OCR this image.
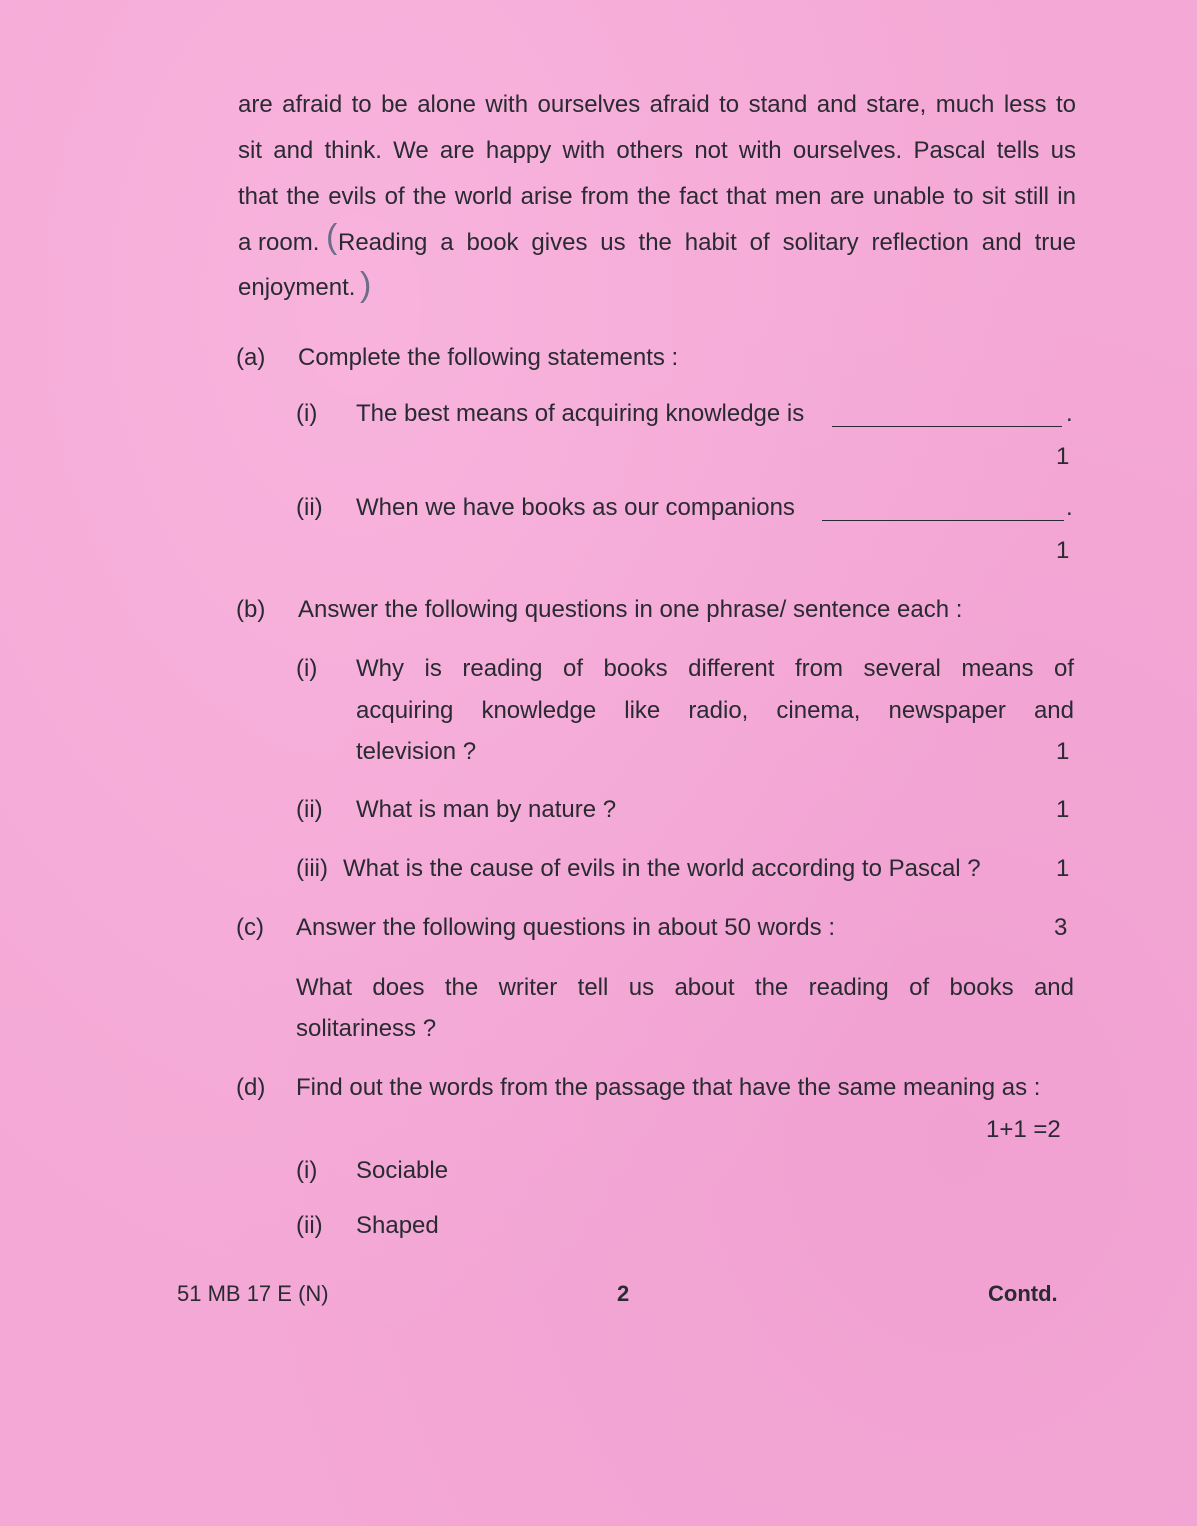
are afraid to be alone with ourselves afraid to stand and stare, much less to
sit and think. We are happy with others not with ourselves. Pascal tells us
that the evils of the world arise from the fact that men are unable to sit still in
a room. ( Reading a book gives us the habit of solitary reflection and true
enjoyment. )
(a) Complete the following statements :
(i) The best means of acquiring knowledge is	.
1
(ii) When we have books as our companions	.
1
(b) Answer the following questions in one phrase/ sentence each :
(i) Why is reading of books different from several means of
acquiring knowledge like radio, cinema, newspaper and
television ?	1
(ii) What is man by nature ?	1
(iii) What is the cause of evils in the world according to Pascal ?	1
(c) Answer the following questions in about 50 words :	3
What does the writer tell us about the reading of books and
solitariness ?
(d) Find out the words from the passage that have the same meaning as :
1+1 =2
(i) Sociable
(ii) Shaped
51 MB 17 E (N)	2	Contd.
